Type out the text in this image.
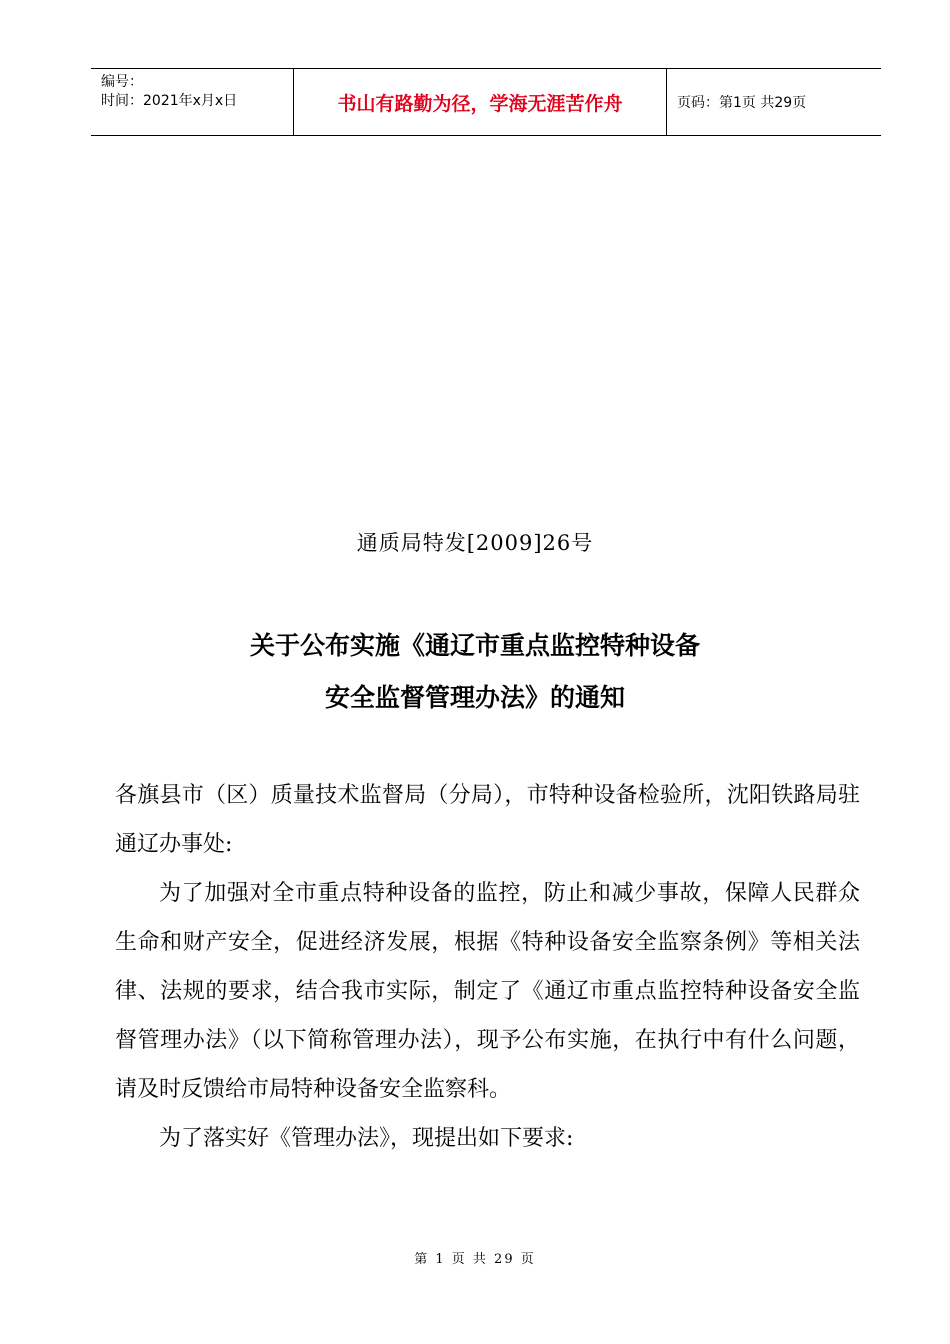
编号：
时间：2021年x月x日	书山有路勤为径，学海无涯苦作舟	页码：第1页 共29页
通质局特发[2009]26号
关于公布实施《通辽市重点监控特种设备
安全监督管理办法》的通知

各旗县市（区）质量技术监督局（分局），市特种设备检验所，沈阳铁路局驻通辽办事处:

为了加强对全市重点特种设备的监控，防止和减少事故，保障人民群众生命和财产安全，促进经济发展，根据《特种设备安全监察条例》等相关法律、法规的要求，结合我市实际，制定了《通辽市重点监控特种设备安全监督管理办法》（以下简称管理办法），现予公布实施，在执行中有什么问题，请及时反馈给市局特种设备安全监察科。

为了落实好《管理办法》，现提出如下要求:

第 1 页 共 29 页
